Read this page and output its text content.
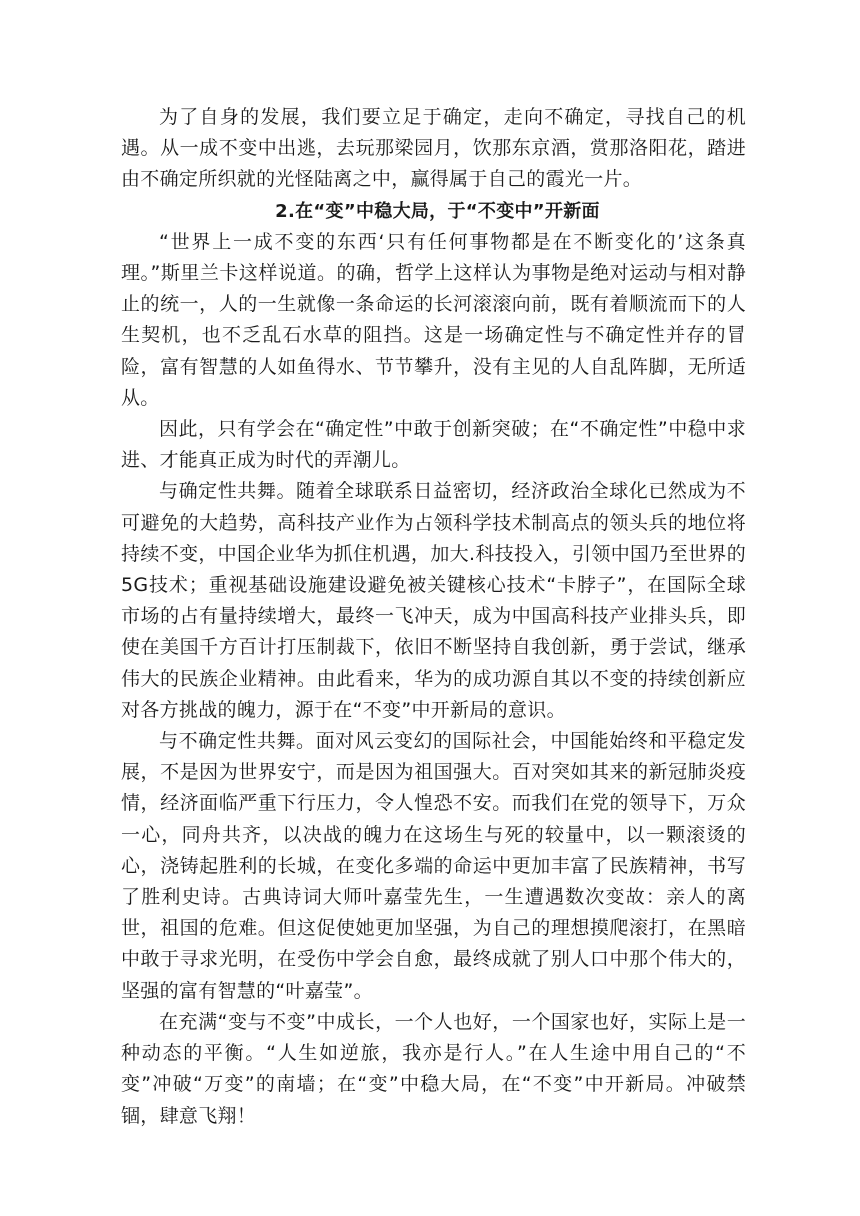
为了自身的发展，我们要立足于确定，走向不确定，寻找自己的机遇。从一成不变中出逃，去玩那梁园月，饮那东京酒，赏那洛阳花，踏进由不确定所织就的光怪陆离之中，赢得属于自己的霞光一片。

2.在“变”中稳大局，于“不变中”开新面

“世界上一成不变的东西‘只有任何事物都是在不断变化的’这条真理。”斯里兰卡这样说道。的确，哲学上这样认为事物是绝对运动与相对静止的统一，人的一生就像一条命运的长河滚滚向前，既有着顺流而下的人生契机，也不乏乱石水草的阻挡。这是一场确定性与不确定性并存的冒险，富有智慧的人如鱼得水、节节攀升，没有主见的人自乱阵脚，无所适从。

因此，只有学会在“确定性”中敢于创新突破；在“不确定性”中稳中求进、才能真正成为时代的弄潮儿。

与确定性共舞。随着全球联系日益密切，经济政治全球化已然成为不可避免的大趋势，高科技产业作为占领科学技术制高点的领头兵的地位将持续不变，中国企业华为抓住机遇，加大.科技投入，引领中国乃至世界的5G技术；重视基础设施建设避免被关键核心技术“卡脖子”，在国际全球市场的占有量持续增大，最终一飞冲天，成为中国高科技产业排头兵，即使在美国千方百计打压制裁下，依旧不断坚持自我创新，勇于尝试，继承伟大的民族企业精神。由此看来，华为的成功源自其以不变的持续创新应对各方挑战的魄力，源于在“不变”中开新局的意识。

与不确定性共舞。面对风云变幻的国际社会，中国能始终和平稳定发展，不是因为世界安宁，而是因为祖国强大。百对突如其来的新冠肺炎疫情，经济面临严重下行压力，令人惶恐不安。而我们在党的领导下，万众一心，同舟共齐，以决战的魄力在这场生与死的较量中，以一颗滚烫的心，浇铸起胜利的长城，在变化多端的命运中更加丰富了民族精神，书写了胜利史诗。古典诗词大师叶嘉莹先生，一生遭遇数次变故：亲人的离世，祖国的危难。但这促使她更加坚强，为自己的理想摸爬滚打，在黑暗中敢于寻求光明，在受伤中学会自愈，最终成就了别人口中那个伟大的，坚强的富有智慧的“叶嘉莹”。

在充满“变与不变”中成长，一个人也好，一个国家也好，实际上是一种动态的平衡。“人生如逆旅，我亦是行人。”在人生途中用自己的“不变”冲破“万变”的南墙；在“变”中稳大局，在“不变”中开新局。冲破禁锢，肆意飞翔！
